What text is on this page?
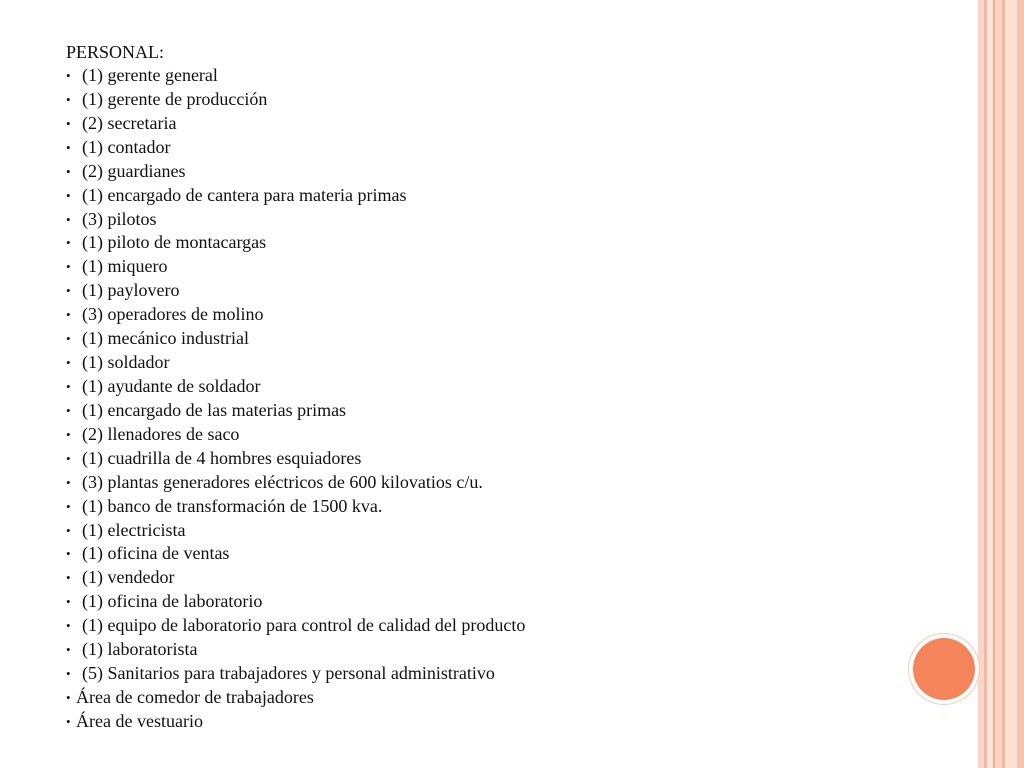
PERSONAL:

• (1) gerente general
• (1) gerente de producción
• (2) secretaria
• (1) contador
• (2) guardianes
• (1) encargado de cantera para materia primas
• (3) pilotos
• (1) piloto de montacargas
• (1) miquero
• (1) paylovero
• (3) operadores de molino
• (1) mecánico industrial
• (1) soldador
• (1) ayudante de soldador
• (1) encargado de las materias primas
• (2) llenadores de saco
• (1) cuadrilla de 4 hombres esquiadores
• (3) plantas generadores eléctricos de 600 kilovatios c/u.
• (1) banco de transformación de 1500 kva.
• (1) electricista
• (1) oficina de ventas
• (1) vendedor
• (1) oficina de laboratorio
• (1) equipo de laboratorio para control de calidad del producto
• (1) laboratorista
• (5) Sanitarios para trabajadores y personal administrativo
• Área de comedor de trabajadores
• Área de vestuario
